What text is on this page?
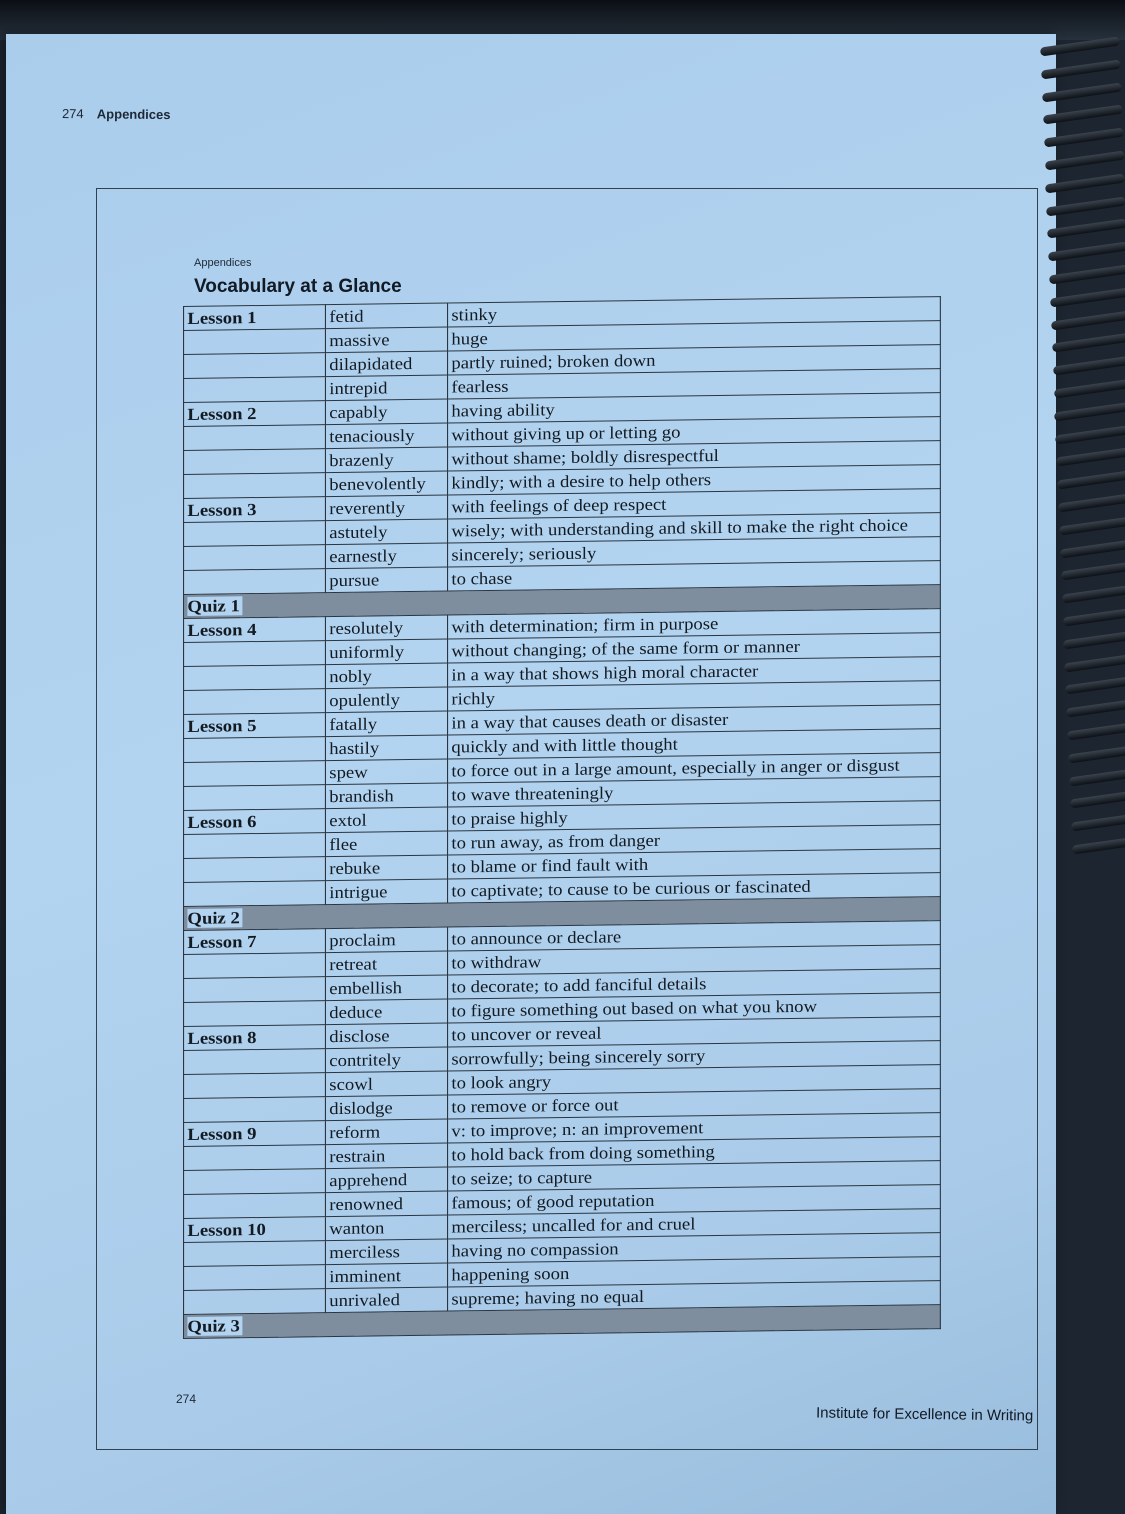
274 Appendices
Appendices
Vocabulary at a Glance
Lesson 1	fetid	stinky
	massive	huge
	dilapidated	partly ruined; broken down
	intrepid	fearless
Lesson 2	capably	having ability
	tenaciously	without giving up or letting go
	brazenly	without shame; boldly disrespectful
	benevolently	kindly; with a desire to help others
Lesson 3	reverently	with feelings of deep respect
	astutely	wisely; with understanding and skill to make the right choice
	earnestly	sincerely; seriously
	pursue	to chase
Quiz 1		
Lesson 4	resolutely	with determination; firm in purpose
	uniformly	without changing; of the same form or manner
	nobly	in a way that shows high moral character
	opulently	richly
Lesson 5	fatally	in a way that causes death or disaster
	hastily	quickly and with little thought
	spew	to force out in a large amount, especially in anger or disgust
	brandish	to wave threateningly
Lesson 6	extol	to praise highly
	flee	to run away, as from danger
	rebuke	to blame or find fault with
	intrigue	to captivate; to cause to be curious or fascinated
Quiz 2		
Lesson 7	proclaim	to announce or declare
	retreat	to withdraw
	embellish	to decorate; to add fanciful details
	deduce	to figure something out based on what you know
Lesson 8	disclose	to uncover or reveal
	contritely	sorrowfully; being sincerely sorry
	scowl	to look angry
	dislodge	to remove or force out
Lesson 9	reform	v: to improve; n: an improvement
	restrain	to hold back from doing something
	apprehend	to seize; to capture
	renowned	famous; of good reputation
Lesson 10	wanton	merciless; uncalled for and cruel
	merciless	having no compassion
	imminent	happening soon
	unrivaled	supreme; having no equal
Quiz 3		
274
Institute for Excellence in Writing
